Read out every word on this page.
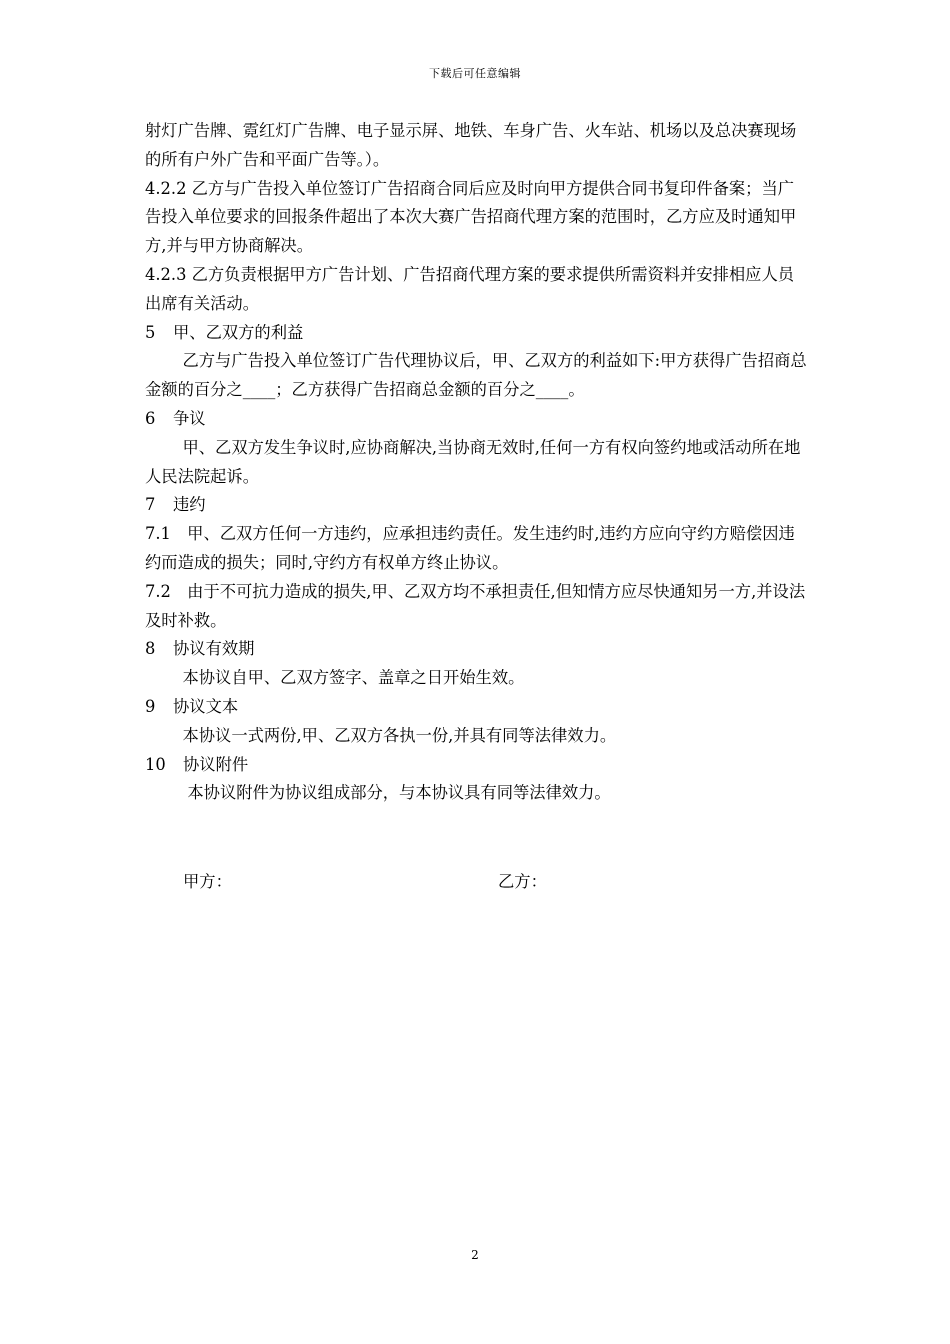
下载后可任意编辑

射灯广告牌、霓红灯广告牌、电子显示屏、地铁、车身广告、火车站、机场以及总决赛现场的所有户外广告和平面广告等。）。

4.2.2 乙方与广告投入单位签订广告招商合同后应及时向甲方提供合同书复印件备案；当广告投入单位要求的回报条件超出了本次大赛广告招商代理方案的范围时，乙方应及时通知甲方,并与甲方协商解决。

4.2.3 乙方负责根据甲方广告计划、广告招商代理方案的要求提供所需资料并安排相应人员出席有关活动。

5 甲、乙双方的利益

乙方与广告投入单位签订广告代理协议后，甲、乙双方的利益如下:甲方获得广告招商总金额的百分之____；乙方获得广告招商总金额的百分之____。

6 争议

甲、乙双方发生争议时,应协商解决,当协商无效时,任何一方有权向签约地或活动所在地人民法院起诉。

7 违约

7.1　甲、乙双方任何一方违约，应承担违约责任。发生违约时,违约方应向守约方赔偿因违约而造成的损失；同时,守约方有权单方终止协议。

7.2　由于不可抗力造成的损失,甲、乙双方均不承担责任,但知情方应尽快通知另一方,并设法及时补救。

8 协议有效期

本协议自甲、乙双方签字、盖章之日开始生效。

9 协议文本

本协议一式两份,甲、乙双方各执一份,并具有同等法律效力。

10 协议附件

本协议附件为协议组成部分，与本协议具有同等法律效力。

甲方：	乙方：
2
